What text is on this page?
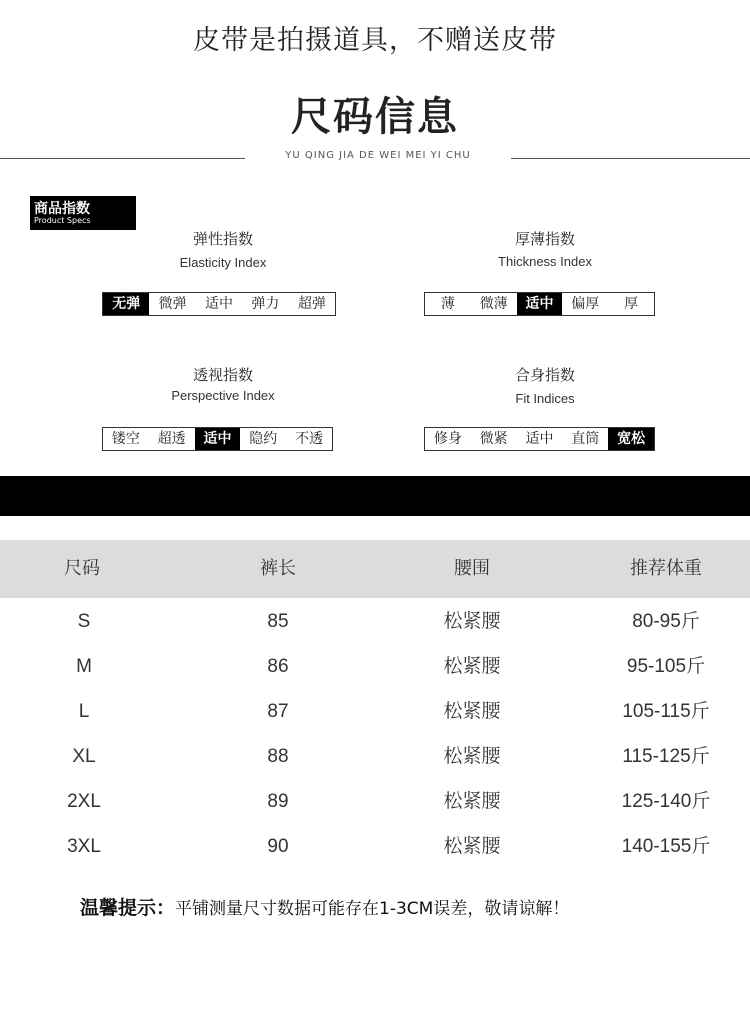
皮带是拍摄道具，不赠送皮带
尺码信息
YU QING JIA DE WEI MEI YI CHU
商品指数
Product Specs
弹性指数
Elasticity Index
无弹	微弹	适中	弹力	超弹
厚薄指数
Thickness Index
薄	微薄	适中	偏厚	厚
透视指数
Perspective Index
镂空	超透	适中	隐约	不透
合身指数
Fit Indices
修身	微紧	适中	直筒	宽松
尺码	裤长	腰围	推荐体重
S	85	松紧腰	80-95斤
M	86	松紧腰	95-105斤
L	87	松紧腰	105-115斤
XL	88	松紧腰	115-125斤
2XL	89	松紧腰	125-140斤
3XL	90	松紧腰	140-155斤
温馨提示：平铺测量尺寸数据可能存在1-3CM误差，敬请谅解！
